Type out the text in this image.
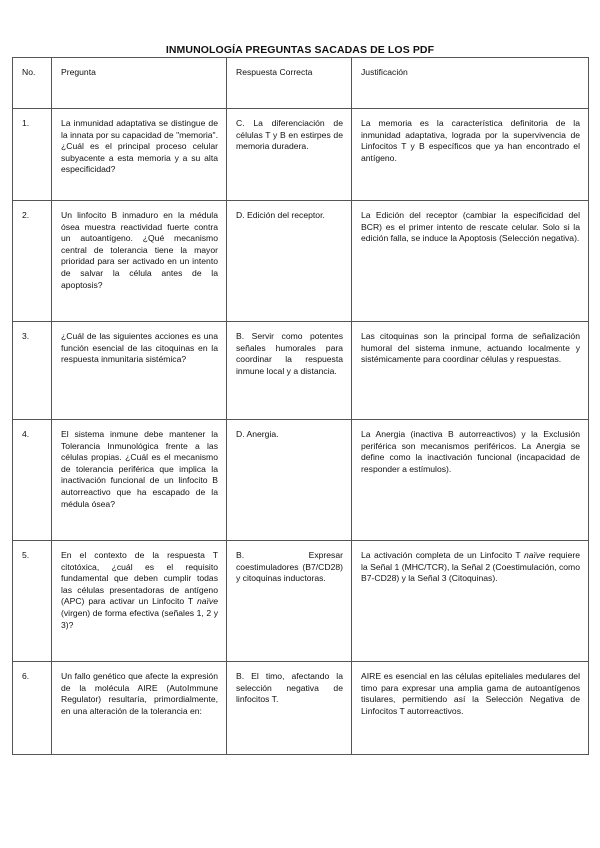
INMUNOLOGÍA PREGUNTAS SACADAS DE LOS PDF
No.	Pregunta	Respuesta Correcta	Justificación
1.	La inmunidad adaptativa se distingue de la innata por su capacidad de "memoria". ¿Cuál es el principal proceso celular subyacente a esta memoria y a su alta especificidad?	C. La diferenciación de células T y B en estirpes de memoria duradera.	La memoria es la característica definitoria de la inmunidad adaptativa, lograda por la supervivencia de Linfocitos T y B específicos que ya han encontrado el antígeno.
2.	Un linfocito B inmaduro en la médula ósea muestra reactividad fuerte contra un autoantígeno. ¿Qué mecanismo central de tolerancia tiene la mayor prioridad para ser activado en un intento de salvar la célula antes de la apoptosis?	D. Edición del receptor.	La Edición del receptor (cambiar la especificidad del BCR) es el primer intento de rescate celular. Solo si la edición falla, se induce la Apoptosis (Selección negativa).
3.	¿Cuál de las siguientes acciones es una función esencial de las citoquinas en la respuesta inmunitaria sistémica?	B. Servir como potentes señales humorales para coordinar la respuesta inmune local y a distancia.	Las citoquinas son la principal forma de señalización humoral del sistema inmune, actuando localmente y sistémicamente para coordinar células y respuestas.
4.	El sistema inmune debe mantener la Tolerancia Inmunológica frente a las células propias. ¿Cuál es el mecanismo de tolerancia periférica que implica la inactivación funcional de un linfocito B autorreactivo que ha escapado de la médula ósea?	D. Anergia.	La Anergia (inactiva B autorreactivos) y la Exclusión periférica son mecanismos periféricos. La Anergia se define como la inactivación funcional (incapacidad de responder a estímulos).
5.	En el contexto de la respuesta T citotóxica, ¿cuál es el requisito fundamental que deben cumplir todas las células presentadoras de antígeno (APC) para activar un Linfocito T naïve (virgen) de forma efectiva (señales 1, 2 y 3)?	B. Expresar coestimuladores (B7/CD28) y citoquinas inductoras.	La activación completa de un Linfocito T naïve requiere la Señal 1 (MHC/TCR), la Señal 2 (Coestimulación, como B7-CD28) y la Señal 3 (Citoquinas).
6.	Un fallo genético que afecte la expresión de la molécula AIRE (AutoImmune Regulator) resultaría, primordialmente, en una alteración de la tolerancia en:	B. El timo, afectando la selección negativa de linfocitos T.	AIRE es esencial en las células epiteliales medulares del timo para expresar una amplia gama de autoantígenos tisulares, permitiendo así la Selección Negativa de Linfocitos T autorreactivos.
